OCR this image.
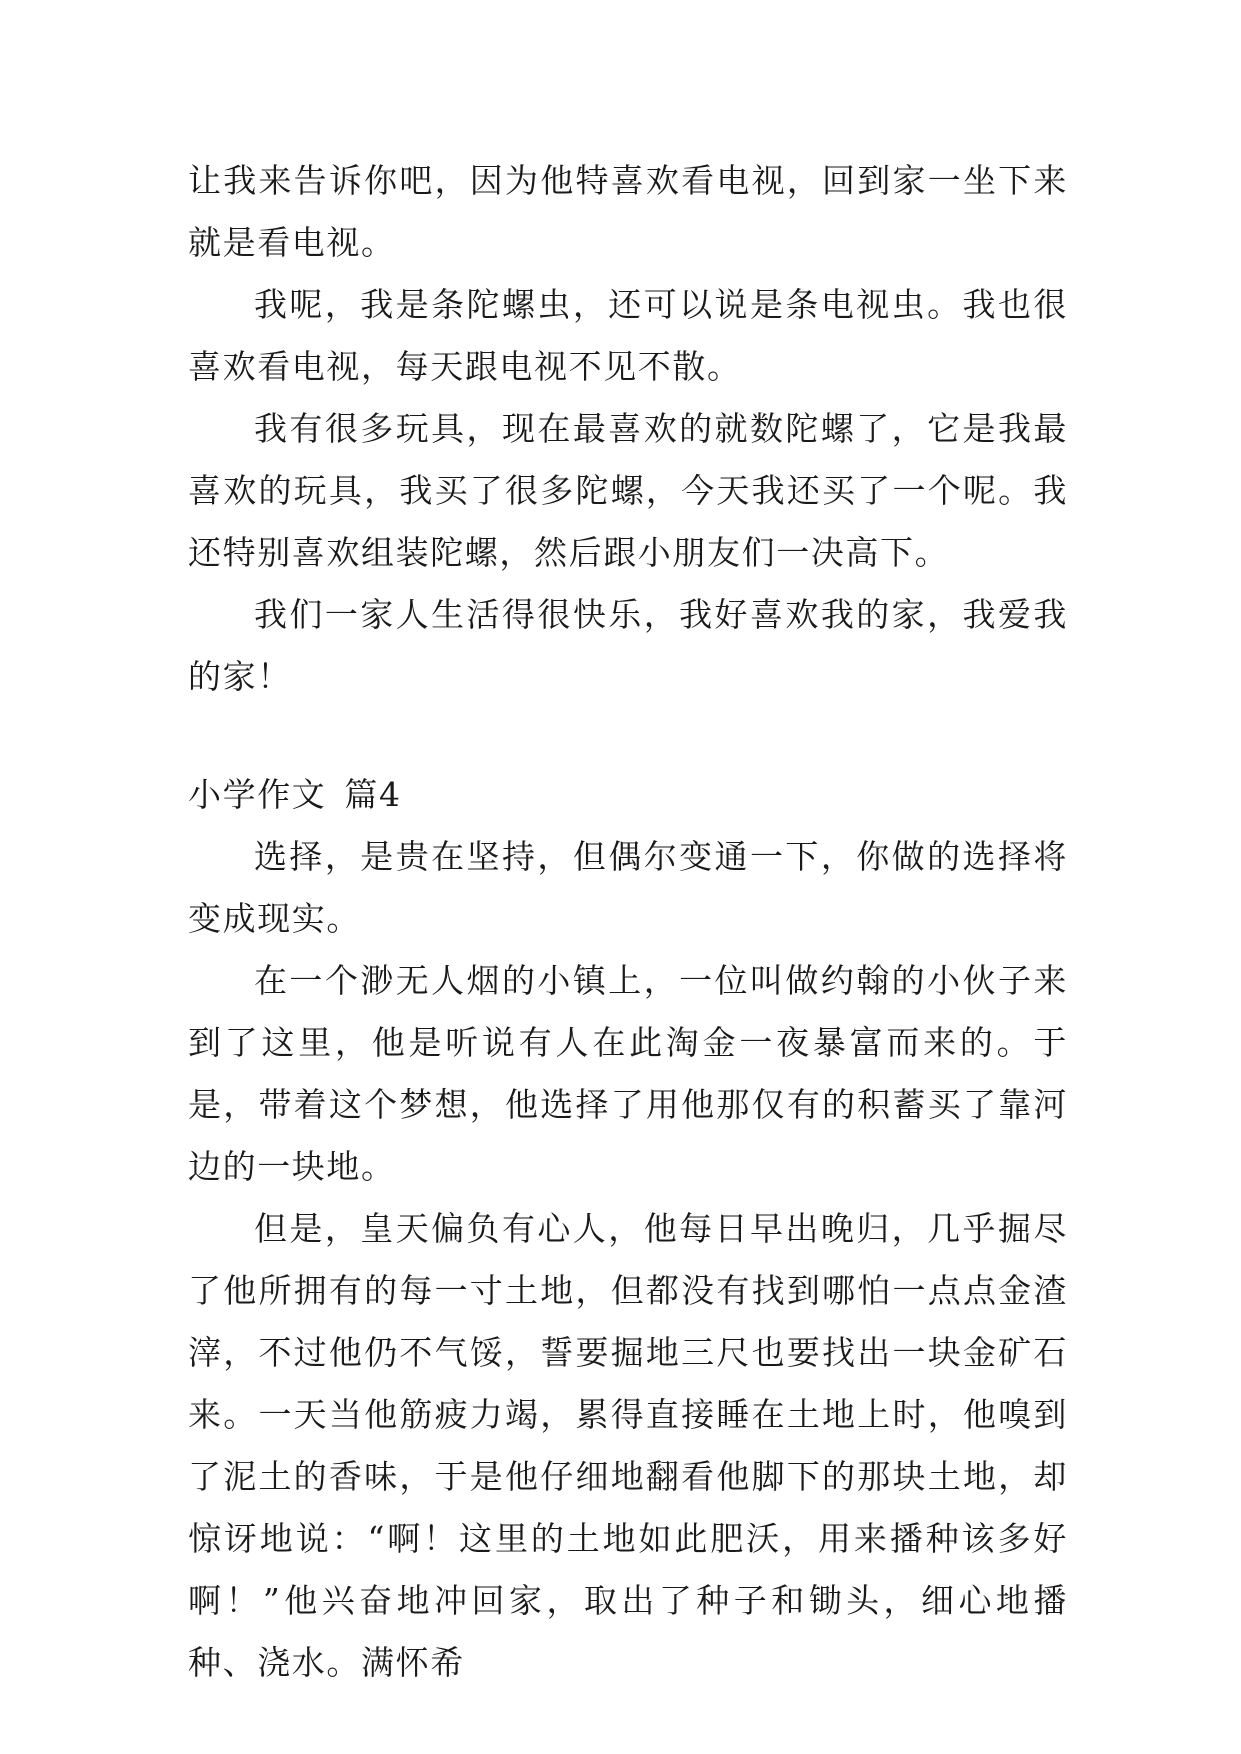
让我来告诉你吧，因为他特喜欢看电视，回到家一坐下来就是看电视。

我呢，我是条陀螺虫，还可以说是条电视虫。我也很喜欢看电视，每天跟电视不见不散。

我有很多玩具，现在最喜欢的就数陀螺了，它是我最喜欢的玩具，我买了很多陀螺，今天我还买了一个呢。我还特别喜欢组装陀螺，然后跟小朋友们一决高下。

我们一家人生活得很快乐，我好喜欢我的家，我爱我的家！

小学作文 篇4

选择，是贵在坚持，但偶尔变通一下，你做的选择将变成现实。

在一个渺无人烟的小镇上，一位叫做约翰的小伙子来到了这里，他是听说有人在此淘金一夜暴富而来的。于是，带着这个梦想，他选择了用他那仅有的积蓄买了靠河边的一块地。

但是，皇天偏负有心人，他每日早出晚归，几乎掘尽了他所拥有的每一寸土地，但都没有找到哪怕一点点金渣滓，不过他仍不气馁，誓要掘地三尺也要找出一块金矿石来。一天当他筋疲力竭，累得直接睡在土地上时，他嗅到了泥土的香味，于是他仔细地翻看他脚下的那块土地，却惊讶地说：“啊！这里的土地如此肥沃，用来播种该多好啊！”他兴奋地冲回家，取出了种子和锄头，细心地播种、浇水。满怀希
